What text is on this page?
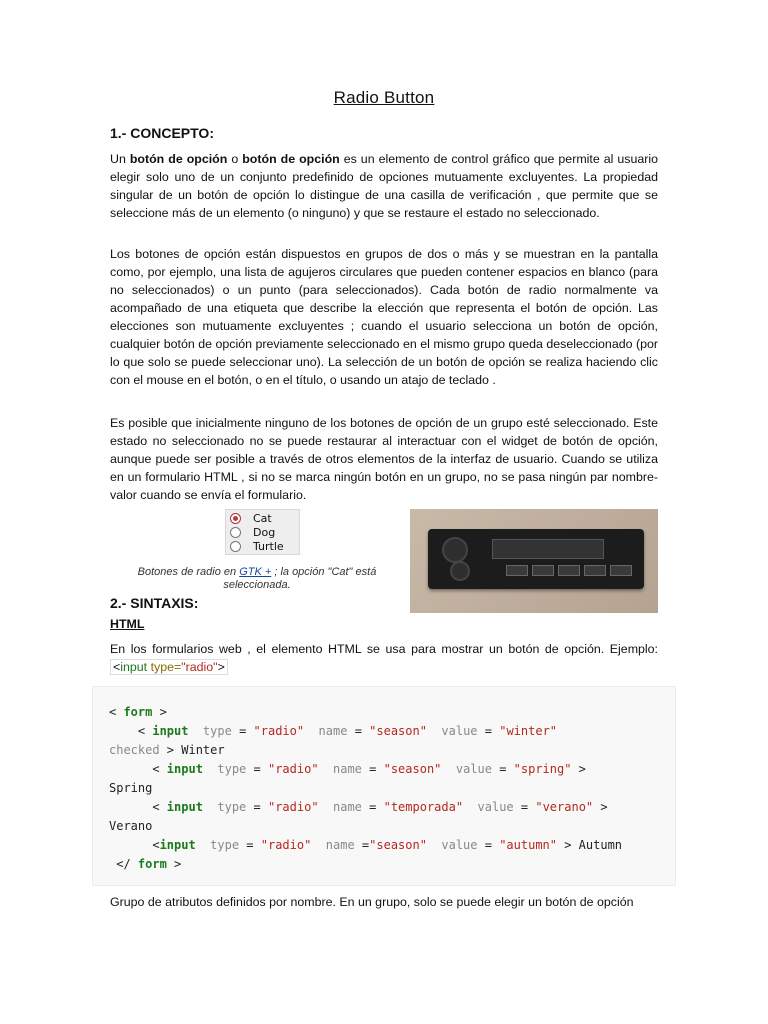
Radio Button
1.- CONCEPTO:

Un botón de opción o botón de opción es un elemento de control gráfico que permite al usuario elegir solo uno de un conjunto predefinido de opciones mutuamente excluyentes. La propiedad singular de un botón de opción lo distingue de una casilla de verificación , que permite que se seleccione más de un elemento (o ninguno) y que se restaure el estado no seleccionado.

Los botones de opción están dispuestos en grupos de dos o más y se muestran en la pantalla como, por ejemplo, una lista de agujeros circulares que pueden contener espacios en blanco (para no seleccionados) o un punto (para seleccionados). Cada botón de radio normalmente va acompañado de una etiqueta que describe la elección que representa el botón de opción. Las elecciones son mutuamente excluyentes ; cuando el usuario selecciona un botón de opción, cualquier botón de opción previamente seleccionado en el mismo grupo queda deseleccionado (por lo que solo se puede seleccionar uno). La selección de un botón de opción se realiza haciendo clic con el mouse en el botón, o en el título, o usando un atajo de teclado .

Es posible que inicialmente ninguno de los botones de opción de un grupo esté seleccionado. Este estado no seleccionado no se puede restaurar al interactuar con el widget de botón de opción, aunque puede ser posible a través de otros elementos de la interfaz de usuario. Cuando se utiliza en un formulario HTML , si no se marca ningún botón en un grupo, no se pasa ningún par nombre-valor cuando se envía el formulario.

2.- SINTAXIS:
HTML

En los formularios web , el elemento HTML se usa para mostrar un botón de opción. Ejemplo: <input type="radio">

Grupo de atributos definidos por nombre. En un grupo, solo se puede elegir un botón de opción

Cat
Dog
Turtle
Botones de radio en GTK + ; la opción "Cat" está seleccionada.
< form >
< input  type = "radio"  name = "season"  value = "winter"
checked > Winter
< input  type = "radio"  name = "season"  value = "spring" >
Spring
< input  type = "radio"  name = "temporada"  value = "verano" >
Verano
<input  type = "radio"  name ="season"  value = "autumn" > Autumn
</ form >
